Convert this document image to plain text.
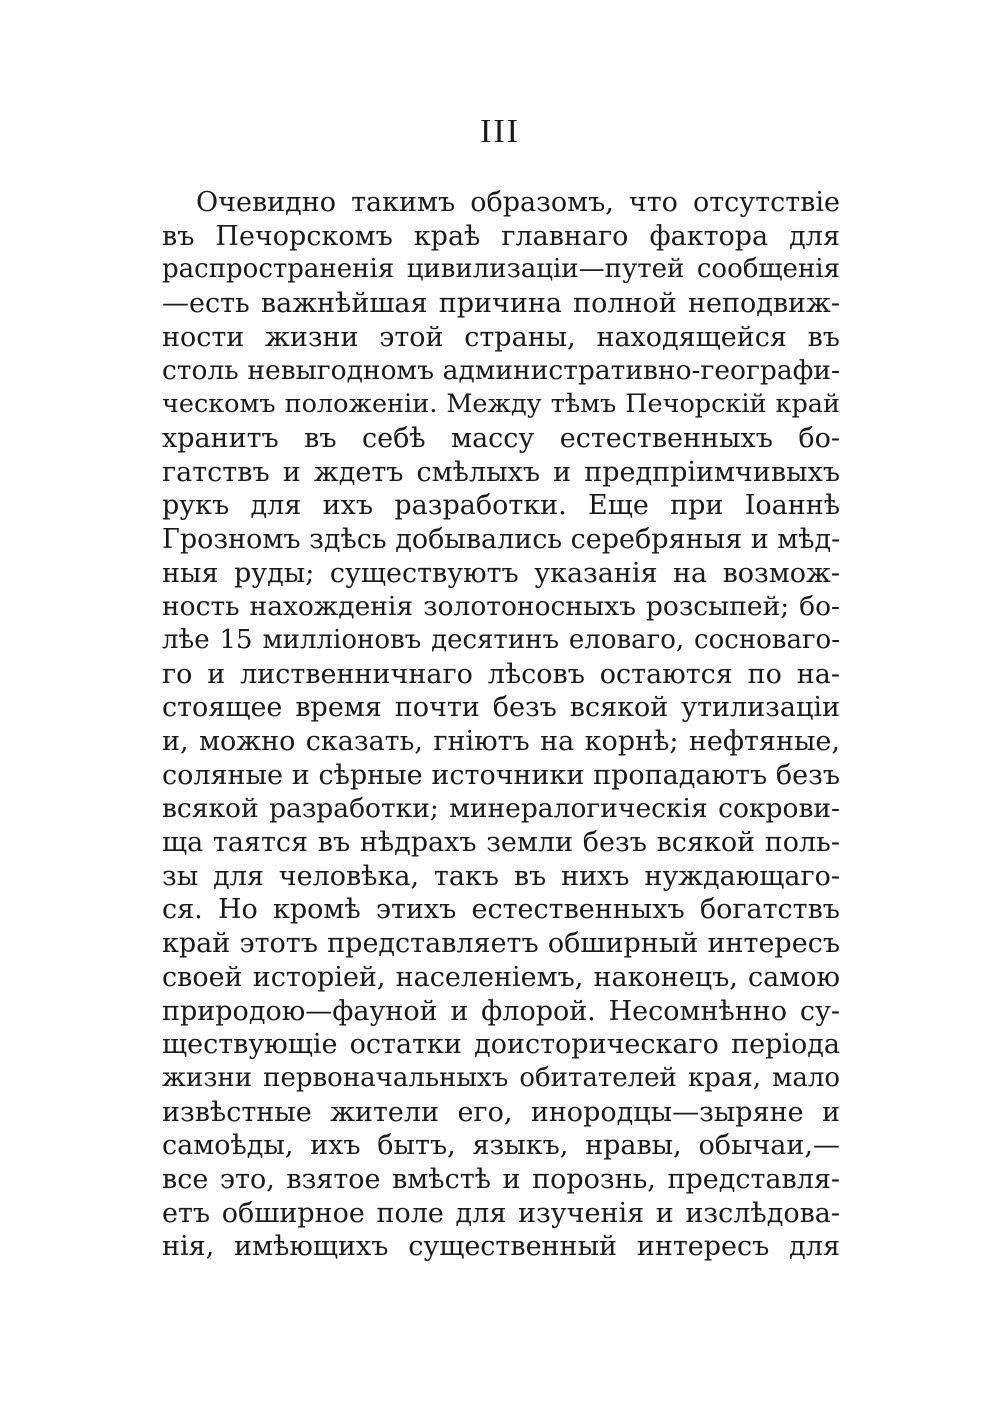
III
Очевидно такимъ образомъ, что отсутствіе
въ Печорскомъ краѣ главнаго фактора для
распространенія цивилизаціи—путей сообщенія
—есть важнѣйшая причина полной неподвиж-
ности жизни этой страны, находящейся въ
столь невыгодномъ административно-географи-
ческомъ положеніи. Между тѣмъ Печорскій край
хранитъ въ себѣ массу естественныхъ бо-
гатствъ и ждетъ смѣлыхъ и предпріимчивыхъ
рукъ для ихъ разработки. Еще при Іоаннѣ
Грозномъ здѣсь добывались серебряныя и мѣд-
ныя руды; существуютъ указанія на возмож-
ность нахожденія золотоносныхъ розсыпей; бо-
лѣе 15 милліоновъ десятинъ еловаго, сосноваго-
го и лиственничнаго лѣсовъ остаются по на-
стоящее время почти безъ всякой утилизаціи
и, можно сказать, гніютъ на корнѣ; нефтяные,
соляные и сѣрные источники пропадаютъ безъ
всякой разработки; минералогическія сокрови-
ща таятся въ нѣдрахъ земли безъ всякой поль-
зы для человѣка, такъ въ нихъ нуждающаго-
ся. Но кромѣ этихъ естественныхъ богатствъ
край этотъ представляетъ обширный интересъ
своей исторіей, населеніемъ, наконецъ, самою
природою—фауной и флорой. Несомнѣнно су-
ществующіе остатки доисторическаго періода
жизни первоначальныхъ обитателей края, мало
извѣстные жители его, инородцы—зыряне и
самоѣды, ихъ бытъ, языкъ, нравы, обычаи,—
все это, взятое вмѣстѣ и порознь, представля-
етъ обширное поле для изученія и изслѣдова-
нія, имѣющихъ существенный интересъ для
